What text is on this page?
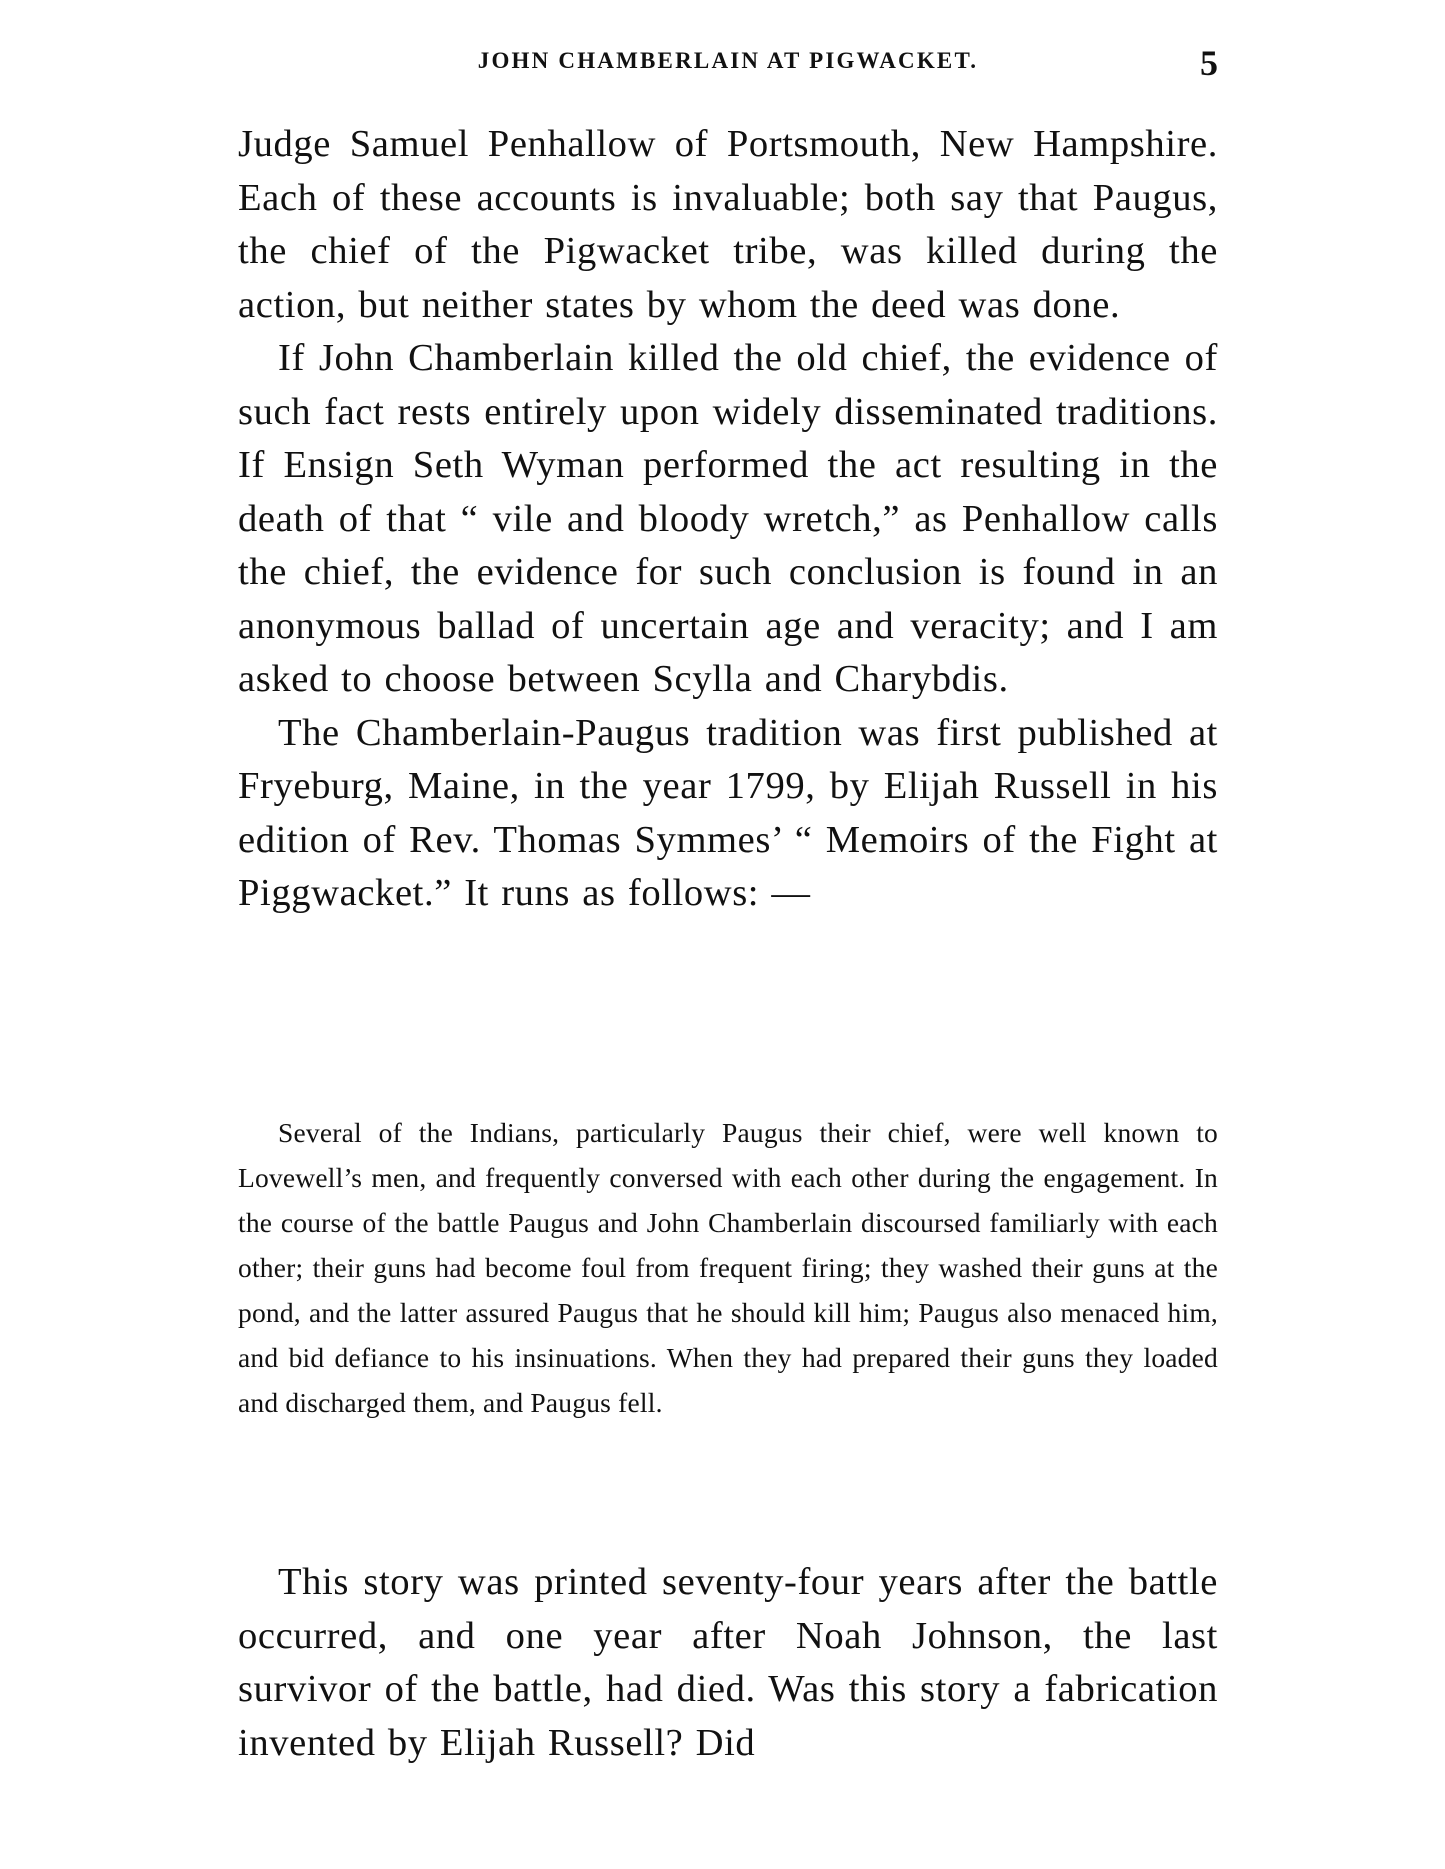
JOHN CHAMBERLAIN AT PIGWACKET.	5

Judge Samuel Penhallow of Portsmouth, New Hampshire. Each of these accounts is invaluable; both say that Paugus, the chief of the Pigwacket tribe, was killed during the action, but neither states by whom the deed was done.

If John Chamberlain killed the old chief, the evidence of such fact rests entirely upon widely disseminated traditions. If Ensign Seth Wyman performed the act resulting in the death of that “ vile and bloody wretch,” as Penhallow calls the chief, the evidence for such conclusion is found in an anonymous ballad of uncertain age and veracity; and I am asked to choose between Scylla and Charybdis.

The Chamberlain-Paugus tradition was first published at Fryeburg, Maine, in the year 1799, by Elijah Russell in his edition of Rev. Thomas Symmes’ “ Memoirs of the Fight at Piggwacket.” It runs as follows: —

Several of the Indians, particularly Paugus their chief, were well known to Lovewell’s men, and frequently conversed with each other during the engagement. In the course of the battle Paugus and John Chamberlain discoursed familiarly with each other; their guns had become foul from frequent firing; they washed their guns at the pond, and the latter assured Paugus that he should kill him; Paugus also menaced him, and bid defiance to his insinuations. When they had prepared their guns they loaded and discharged them, and Paugus fell.

This story was printed seventy-four years after the battle occurred, and one year after Noah Johnson, the last survivor of the battle, had died. Was this story a fabrication invented by Elijah Russell? Did
